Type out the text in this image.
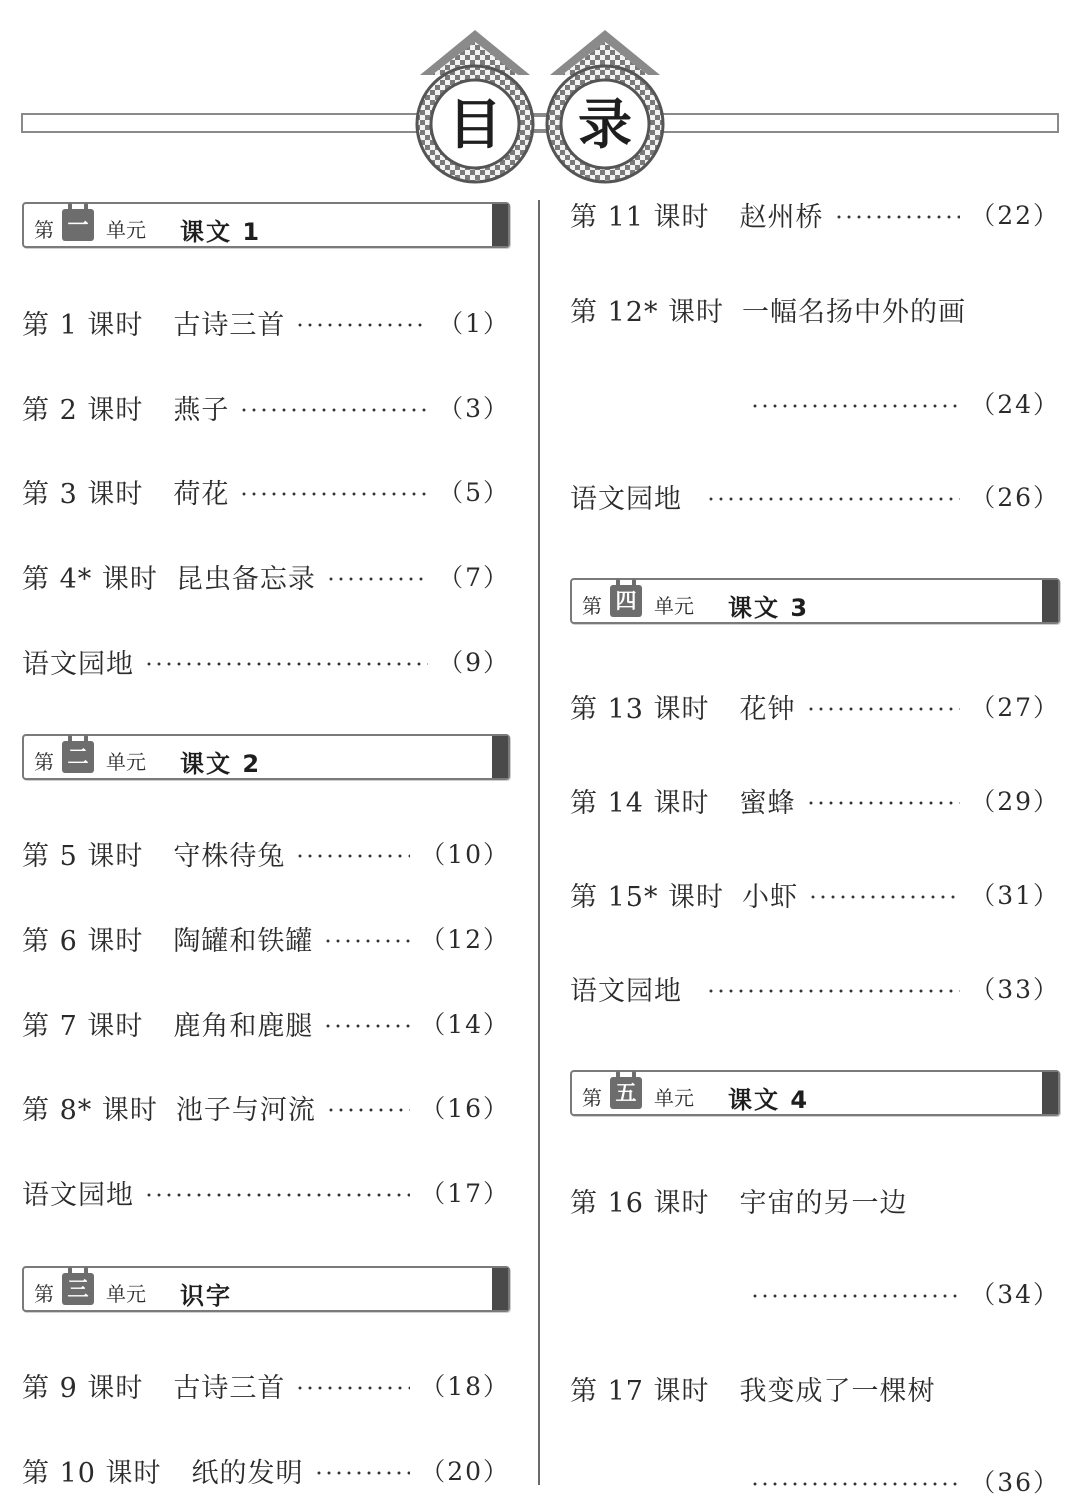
目	录
第 一 单元 课文 1
第 1 课时 古诗三首	（1）
第 2 课时 燕子	（3）
第 3 课时 荷花	（5）
第 4* 课时 昆虫备忘录	（7）
语文园地	（9）
第 二 单元 课文 2
第 5 课时 守株待兔	（10）
第 6 课时 陶罐和铁罐	（12）
第 7 课时 鹿角和鹿腿	（14）
第 8* 课时 池子与河流	（16）
语文园地	（17）
第 三 单元 识字
第 9 课时 古诗三首	（18）
第 10 课时 纸的发明	（20）
第 11 课时 赵州桥	（22）
第 12* 课时 一幅名扬中外的画
（24）
语文园地	（26）
第 四 单元 课文 3
第 13 课时 花钟	（27）
第 14 课时 蜜蜂	（29）
第 15* 课时 小虾	（31）
语文园地	（33）
第 五 单元 课文 4
第 16 课时 宇宙的另一边
（34）
第 17 课时 我变成了一棵树
（36）
